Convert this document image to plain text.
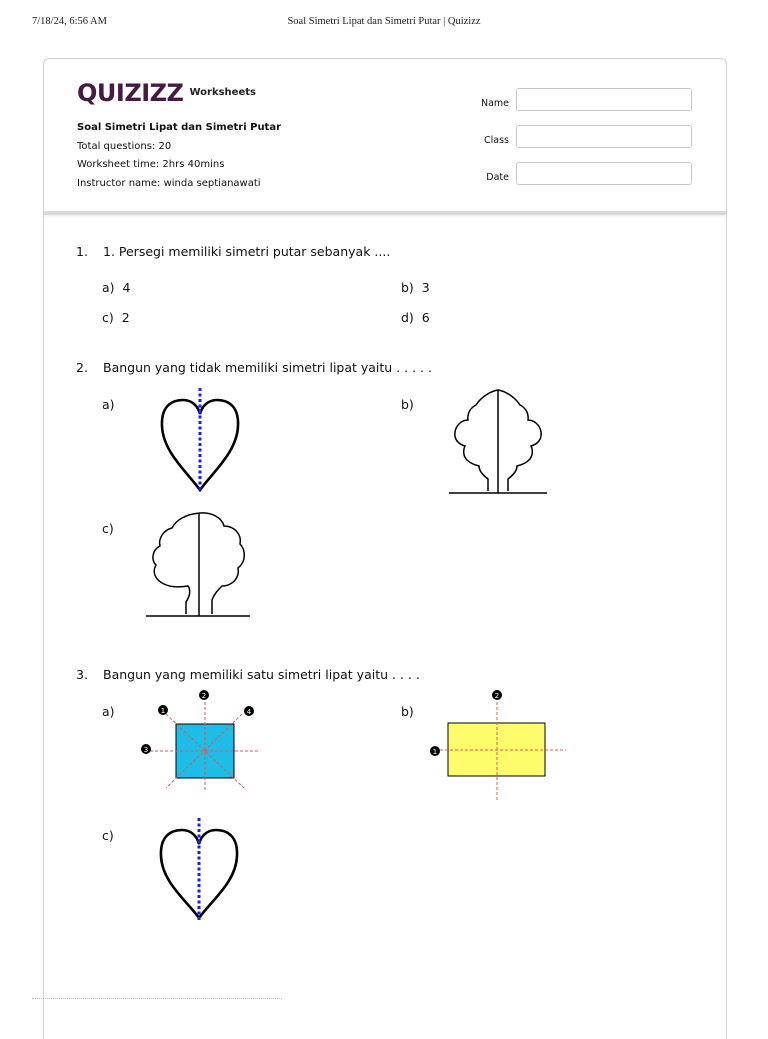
7/18/24, 6:56 AM	Soal Simetri Lipat dan Simetri Putar | Quizizz
QUIZIZZ Worksheets
Soal Simetri Lipat dan Simetri Putar
Total questions: 20
Worksheet time: 2hrs 40mins
Instructor name: winda septianawati
Name
Class
Date
1.	1. Persegi memiliki simetri putar sebanyak ....
a) 4	b) 3
c) 2	d) 6
2.	Bangun yang tidak memiliki simetri lipat yaitu . . . . .
a)	b)
c)
3.	Bangun yang memiliki satu simetri lipat yaitu . . . .
a)	b)
c)
1
2
3
4
1
2
